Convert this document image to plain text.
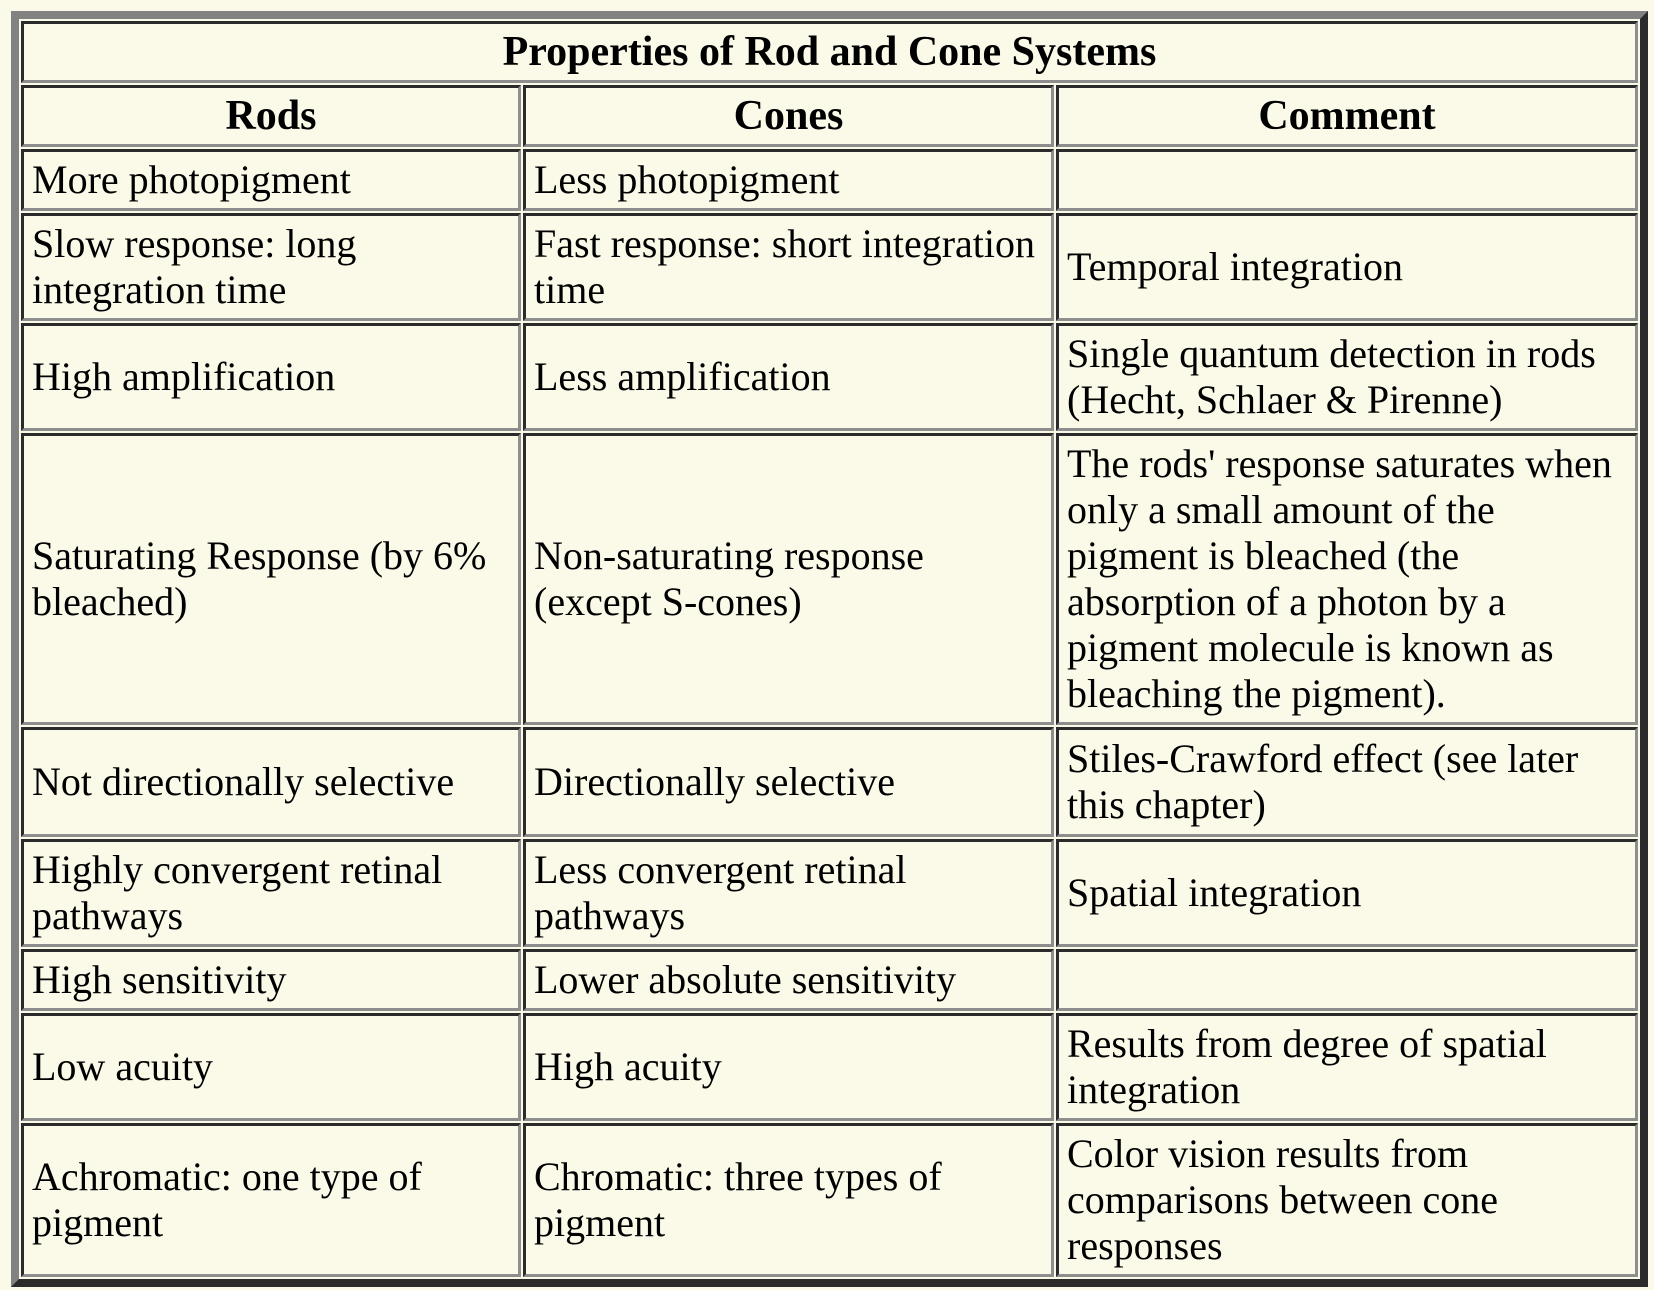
Properties of Rod and Cone Systems		
Rods	Cones	Comment
More photopigment	Less photopigment	
Slow response: long integration time	Fast response: short integration time	Temporal integration
High amplification	Less amplification	Single quantum detection in rods (Hecht, Schlaer & Pirenne)
Saturating Response (by 6% bleached)	Non-saturating response (except S-cones)	The rods' response saturates when only a small amount of the pigment is bleached (the absorption of a photon by a pigment molecule is known as bleaching the pigment).
Not directionally selective	Directionally selective	Stiles-Crawford effect (see later this chapter)
Highly convergent retinal pathways	Less convergent retinal pathways	Spatial integration
High sensitivity	Lower absolute sensitivity	
Low acuity	High acuity	Results from degree of spatial integration
Achromatic: one type of pigment	Chromatic: three types of pigment	Color vision results from comparisons between cone responses
